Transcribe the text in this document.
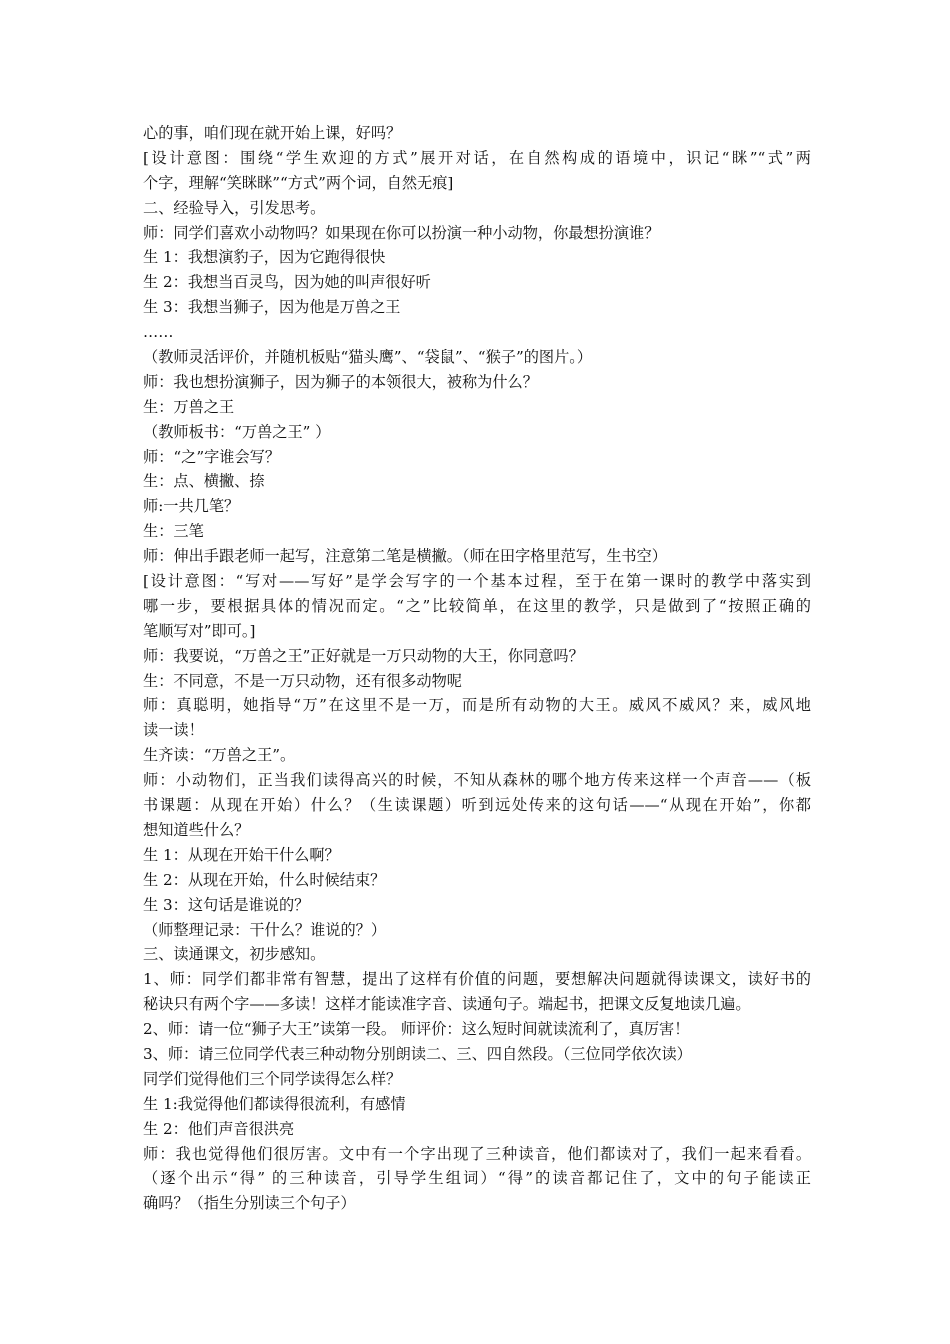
心的事，咱们现在就开始上课，好吗？
[设计意图：围绕“学生欢迎的方式”展开对话，在自然构成的语境中，识记“眯”“式”两
个字，理解“笑眯眯”“方式”两个词，自然无痕]
二、经验导入，引发思考。
师：同学们喜欢小动物吗？如果现在你可以扮演一种小动物，你最想扮演谁？
生 1：我想演豹子，因为它跑得很快
生 2：我想当百灵鸟，因为她的叫声很好听
生 3：我想当狮子，因为他是万兽之王
……
（教师灵活评价，并随机板贴“猫头鹰”、“袋鼠”、“猴子”的图片。）
师：我也想扮演狮子，因为狮子的本领很大，被称为什么？
生：万兽之王
（教师板书：“万兽之王” ）
师：“之”字谁会写？
生：点、横撇、捺
师:一共几笔？
生：三笔
师：伸出手跟老师一起写，注意第二笔是横撇。（师在田字格里范写，生书空）
[设计意图：“写对——写好”是学会写字的一个基本过程，至于在第一课时的教学中落实到
哪一步，要根据具体的情况而定。“之”比较简单，在这里的教学，只是做到了“按照正确的
笔顺写对”即可。]
师：我要说，“万兽之王”正好就是一万只动物的大王，你同意吗？
生：不同意，不是一万只动物，还有很多动物呢
师：真聪明，她指导“万”在这里不是一万，而是所有动物的大王。威风不威风？来，威风地
读一读！
生齐读：“万兽之王”。
师：小动物们，正当我们读得高兴的时候，不知从森林的哪个地方传来这样一个声音——（板
书课题：从现在开始）什么？（生读课题）听到远处传来的这句话——“从现在开始”，你都
想知道些什么？
生 1：从现在开始干什么啊？
生 2：从现在开始，什么时候结束？
生 3：这句话是谁说的？
（师整理记录：干什么？谁说的？）
三、读通课文，初步感知。
1、师：同学们都非常有智慧，提出了这样有价值的问题，要想解决问题就得读课文，读好书的
秘诀只有两个字——多读！这样才能读准字音、读通句子。端起书，把课文反复地读几遍。
2、师：请一位“狮子大王”读第一段。 师评价：这么短时间就读流利了，真厉害！
3、师：请三位同学代表三种动物分别朗读二、三、四自然段。（三位同学依次读）
同学们觉得他们三个同学读得怎么样？
生 1:我觉得他们都读得很流利，有感情
生 2：他们声音很洪亮
师：我也觉得他们很厉害。文中有一个字出现了三种读音，他们都读对了，我们一起来看看。
（逐个出示“得” 的三种读音，引导学生组词）“得”的读音都记住了，文中的句子能读正
确吗？（指生分别读三个句子）
